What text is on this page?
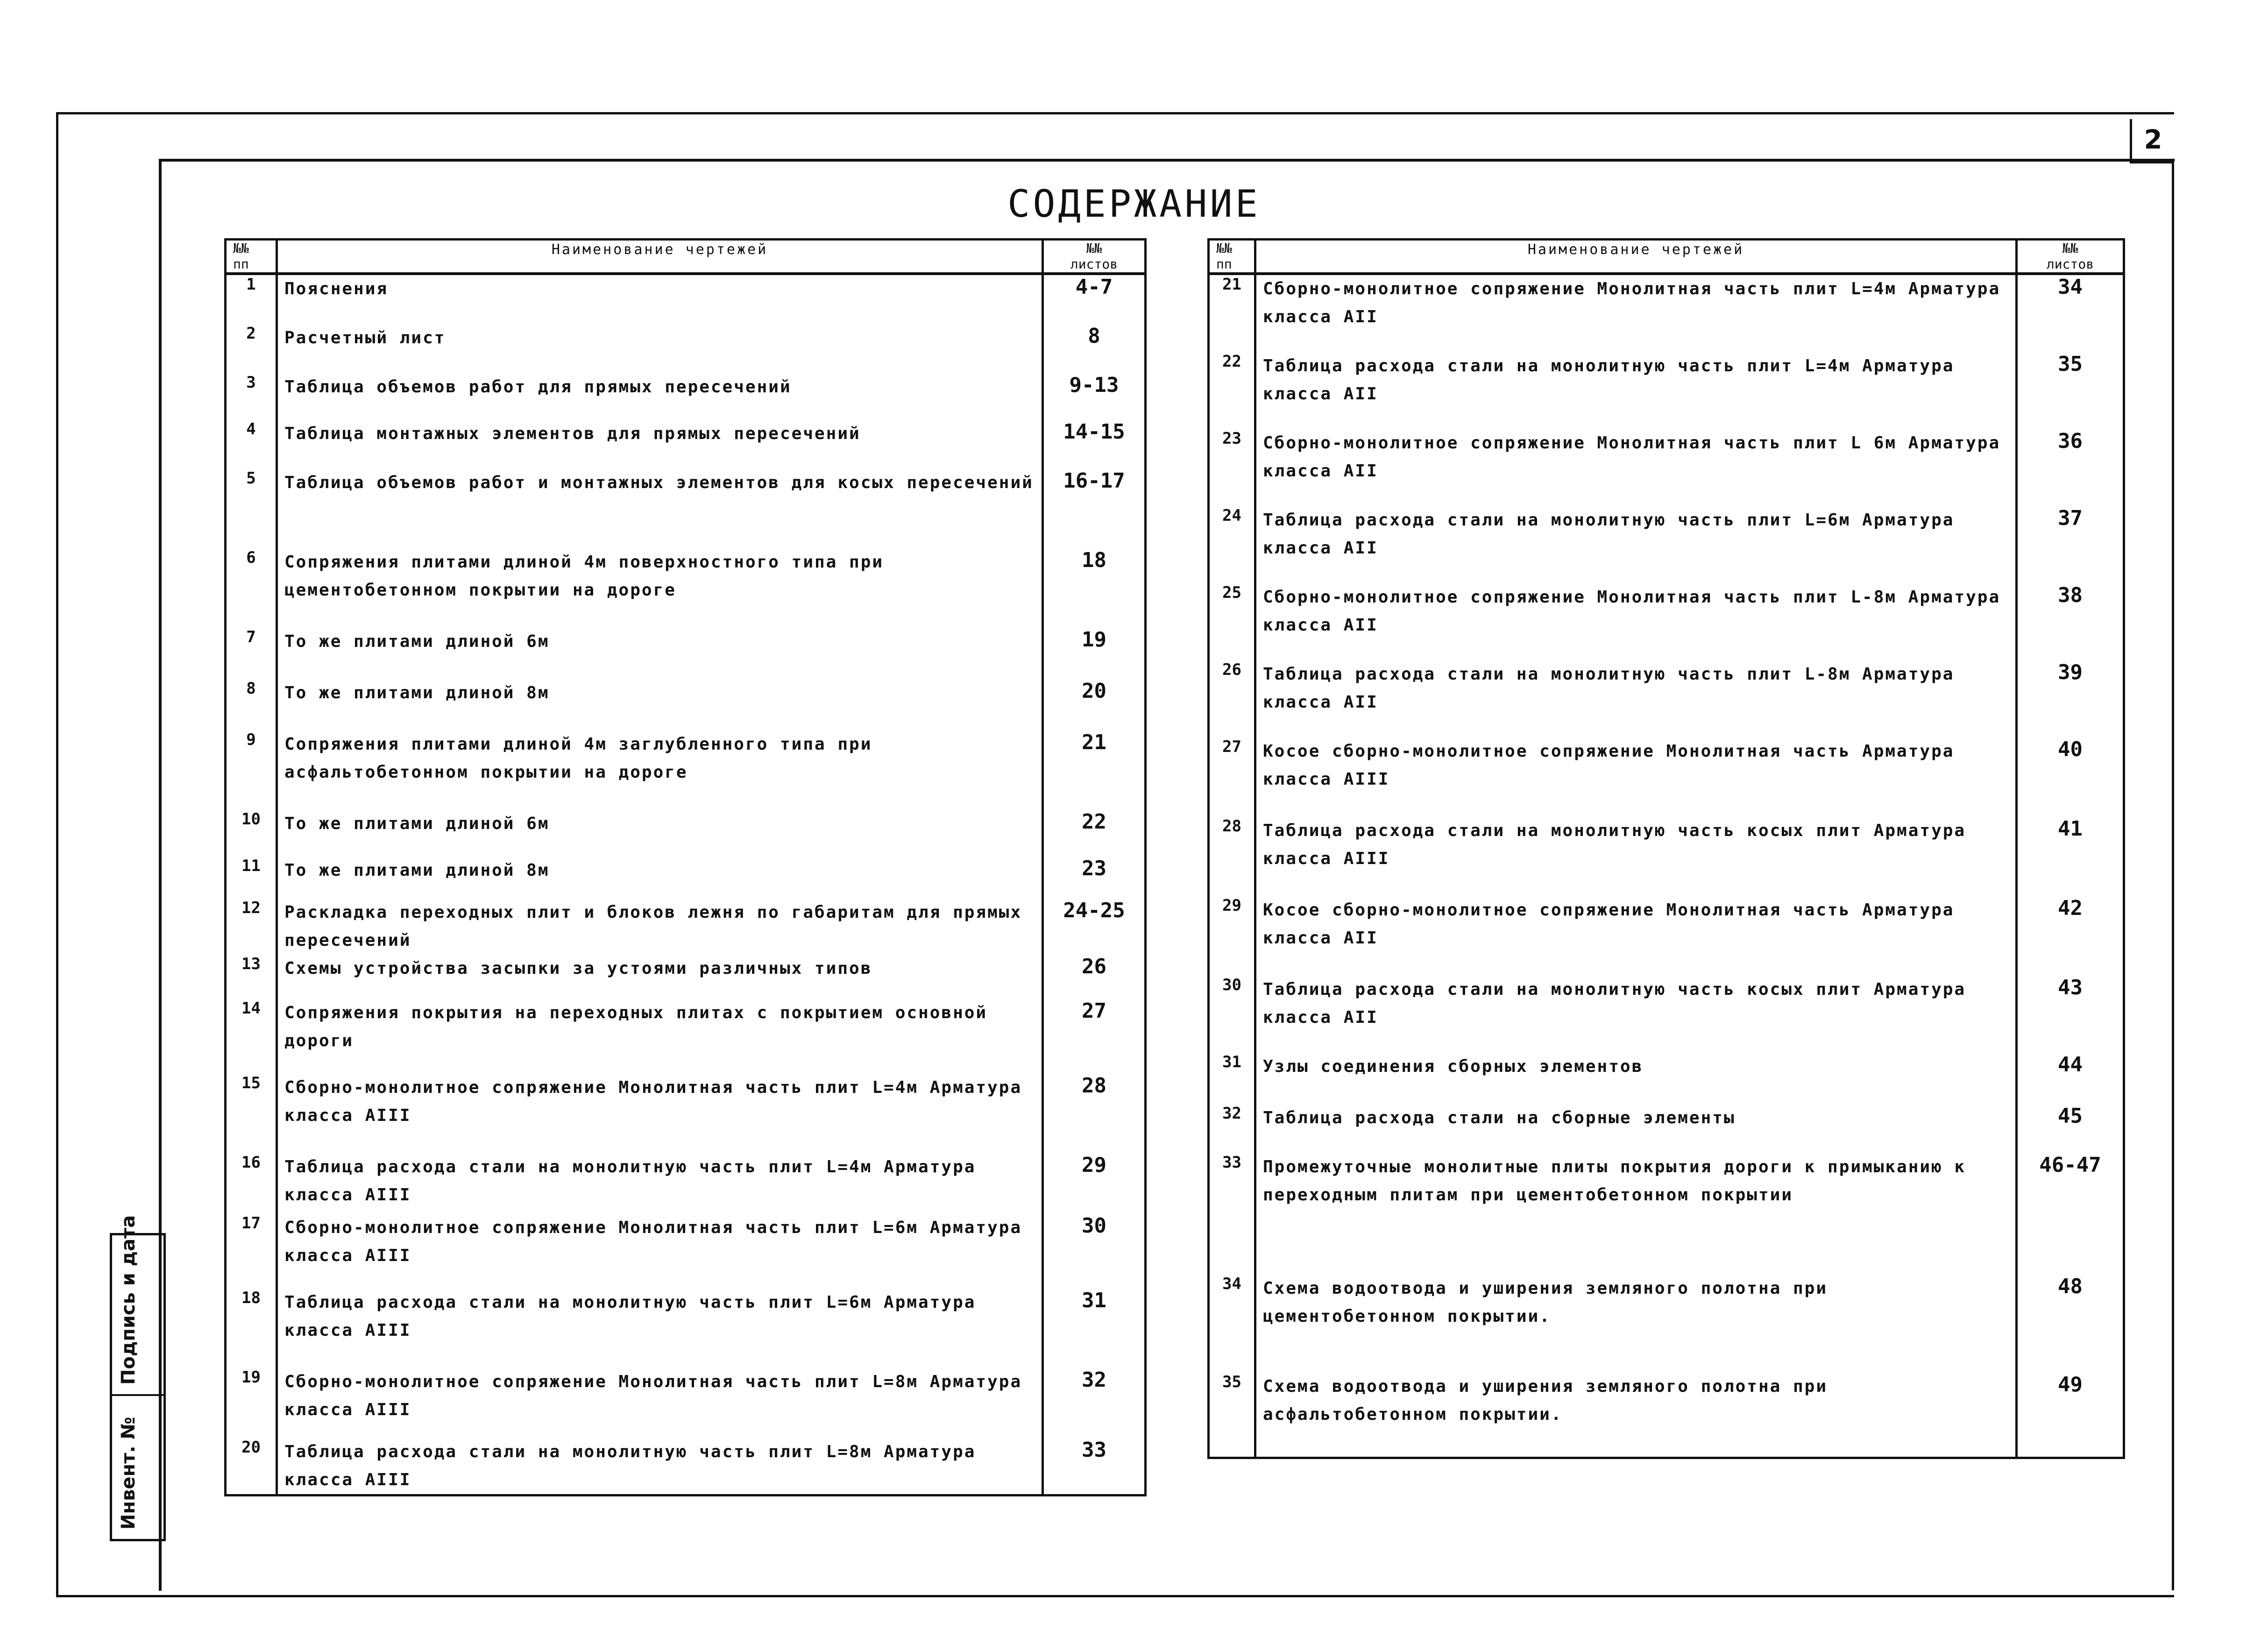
2
СОДЕРЖАНИЕ
Подпись и дата
Инвент. №
№№
пп	Наименование чертежей	№№
листов

1	Пояснения	4-7
2	Расчетный лист	8
3	Таблица объемов работ для прямых пересечений	9-13
4	Таблица монтажных элементов для прямых пересечений	14-15
5	Таблица объемов работ и монтажных элементов для косых пересечений	16-17
6	Сопряжения плитами длиной 4м поверхностного типа при цементобетонном покрытии на дороге	18
7	То же плитами длиной 6м	19
8	То же плитами длиной 8м	20
9	Сопряжения плитами длиной 4м заглубленного типа при асфальтобетонном покрытии на дороге	21
10	То же плитами длиной 6м	22
11	То же плитами длиной 8м	23
12	Раскладка переходных плит и блоков лежня по габаритам для прямых пересечений	24-25
13	Схемы устройства засыпки за устоями различных типов	26
14	Сопряжения покрытия на переходных плитах с покрытием основной дороги	27
15	Сборно-монолитное сопряжение Монолитная часть плит L=4м Арматура класса АIII	28
16	Таблица расхода стали на монолитную часть плит L=4м Арматура класса АIII	29
17	Сборно-монолитное сопряжение Монолитная часть плит L=6м Арматура класса АIII	30
18	Таблица расхода стали на монолитную часть плит L=6м Арматура класса АIII	31
19	Сборно-монолитное сопряжение Монолитная часть плит L=8м Арматура класса АIII	32
20	Таблица расхода стали на монолитную часть плит L=8м Арматура класса АIII	33
№№
пп	Наименование чертежей	№№
листов

21	Сборно-монолитное сопряжение Монолитная часть плит L=4м Арматура класса АII	34
22	Таблица расхода стали на монолитную часть плит L=4м Арматура класса АII	35
23	Сборно-монолитное сопряжение Монолитная часть плит L 6м Арматура класса АII	36
24	Таблица расхода стали на монолитную часть плит L=6м Арматура класса АII	37
25	Сборно-монолитное сопряжение Монолитная часть плит L-8м Арматура класса АII	38
26	Таблица расхода стали на монолитную часть плит L-8м Арматура класса АII	39
27	Косое сборно-монолитное сопряжение Монолитная часть Арматура класса АIII	40
28	Таблица расхода стали на монолитную часть косых плит Арматура класса АIII	41
29	Косое сборно-монолитное сопряжение Монолитная часть Арматура класса АII	42
30	Таблица расхода стали на монолитную часть косых плит Арматура класса АII	43
31	Узлы соединения сборных элементов	44
32	Таблица расхода стали на сборные элементы	45
33	Промежуточные монолитные плиты покрытия дороги к примыканию к переходным плитам при цементобетонном покрытии	46-47
34	Схема водоотвода и уширения земляного полотна при цементобетонном покрытии.	48
35	Схема водоотвода и уширения земляного полотна при асфальтобетонном покрытии.	49
